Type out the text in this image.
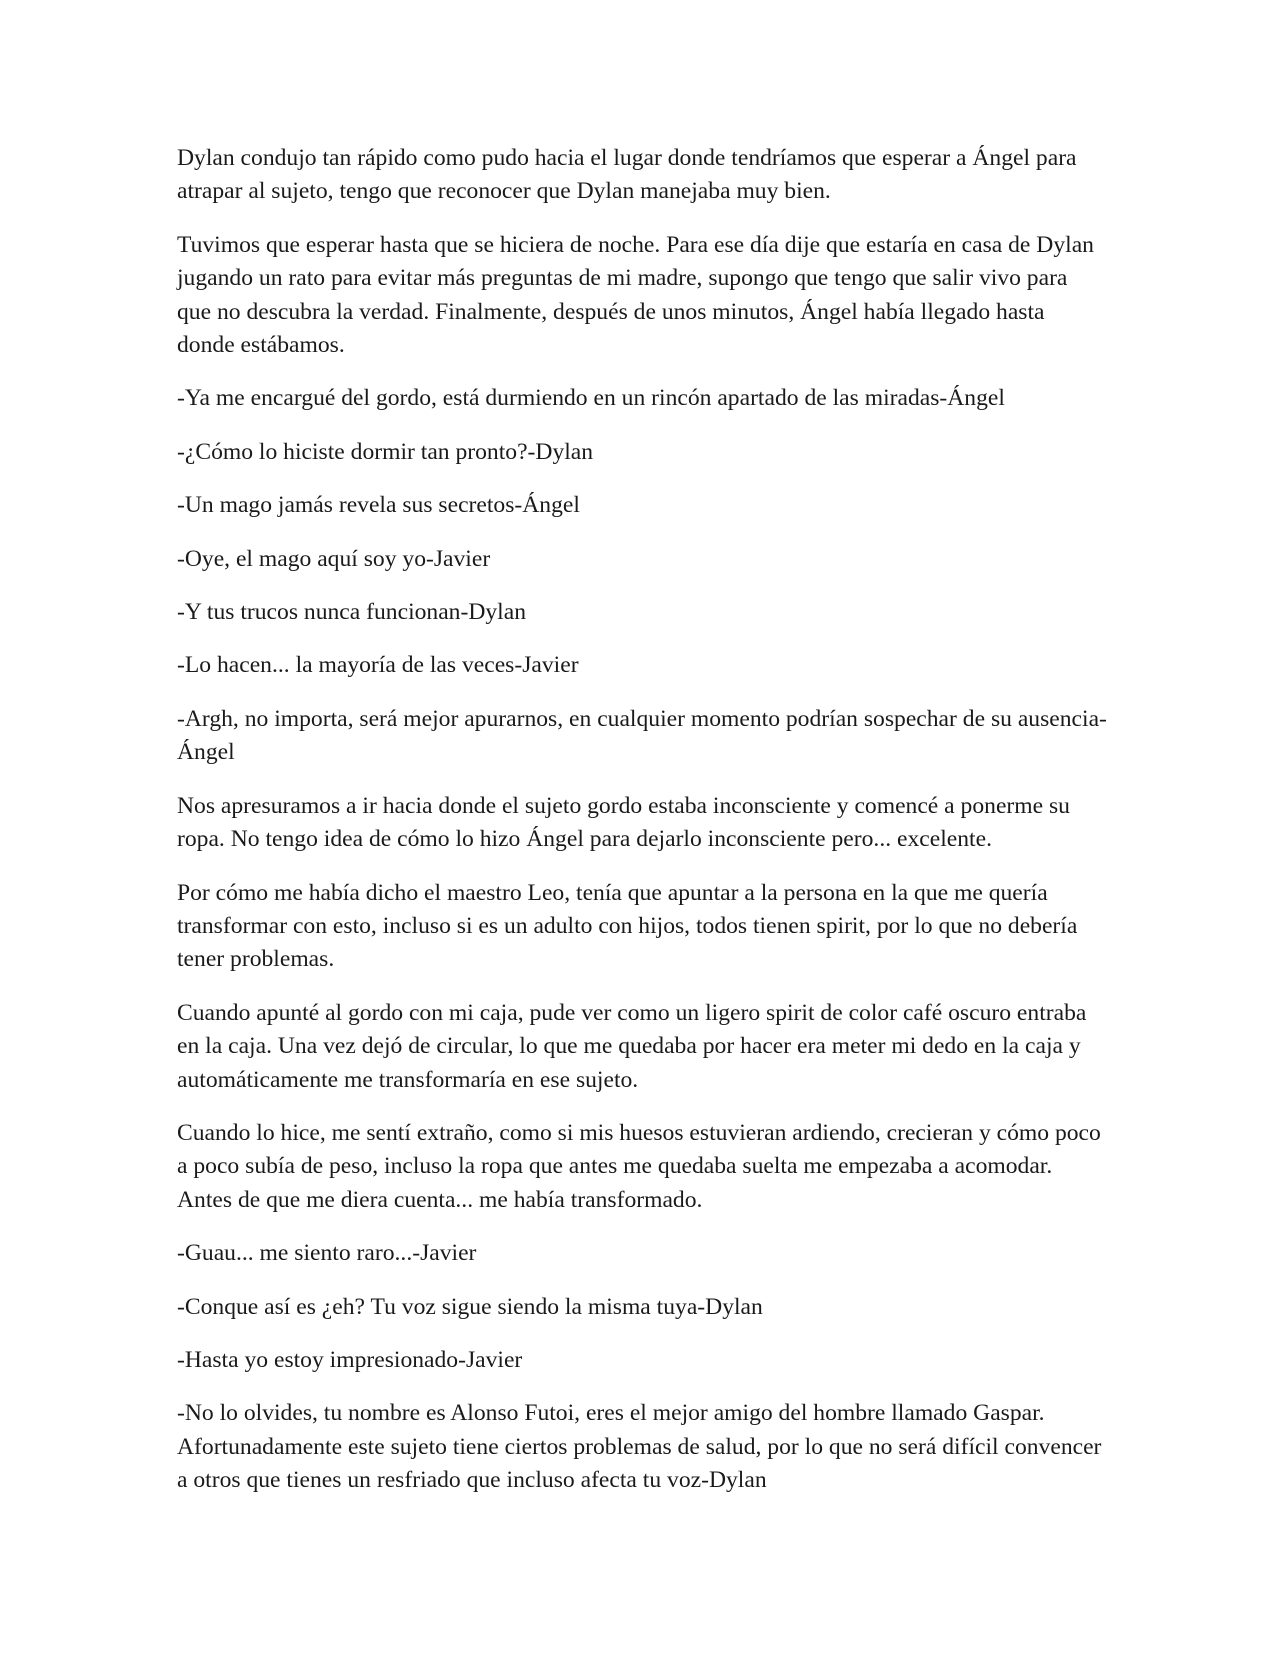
Dylan condujo tan rápido como pudo hacia el lugar donde tendríamos que esperar a Ángel para atrapar al sujeto, tengo que reconocer que Dylan manejaba muy bien.

Tuvimos que esperar hasta que se hiciera de noche. Para ese día dije que estaría en casa de Dylan jugando un rato para evitar más preguntas de mi madre, supongo que tengo que salir vivo para que no descubra la verdad. Finalmente, después de unos minutos, Ángel había llegado hasta donde estábamos.

-Ya me encargué del gordo, está durmiendo en un rincón apartado de las miradas-Ángel

-¿Cómo lo hiciste dormir tan pronto?-Dylan

-Un mago jamás revela sus secretos-Ángel

-Oye, el mago aquí soy yo-Javier

-Y tus trucos nunca funcionan-Dylan

-Lo hacen... la mayoría de las veces-Javier

-Argh, no importa, será mejor apurarnos, en cualquier momento podrían sospechar de su ausencia-Ángel

Nos apresuramos a ir hacia donde el sujeto gordo estaba inconsciente y comencé a ponerme su ropa. No tengo idea de cómo lo hizo Ángel para dejarlo inconsciente pero... excelente.

Por cómo me había dicho el maestro Leo, tenía que apuntar a la persona en la que me quería transformar con esto, incluso si es un adulto con hijos, todos tienen spirit, por lo que no debería tener problemas.

Cuando apunté al gordo con mi caja, pude ver como un ligero spirit de color café oscuro entraba en la caja. Una vez dejó de circular, lo que me quedaba por hacer era meter mi dedo en la caja y automáticamente me transformaría en ese sujeto.

Cuando lo hice, me sentí extraño, como si mis huesos estuvieran ardiendo, crecieran y cómo poco a poco subía de peso, incluso la ropa que antes me quedaba suelta me empezaba a acomodar. Antes de que me diera cuenta... me había transformado.

-Guau... me siento raro...-Javier

-Conque así es ¿eh? Tu voz sigue siendo la misma tuya-Dylan

-Hasta yo estoy impresionado-Javier

-No lo olvides, tu nombre es Alonso Futoi, eres el mejor amigo del hombre llamado Gaspar. Afortunadamente este sujeto tiene ciertos problemas de salud, por lo que no será difícil convencer a otros que tienes un resfriado que incluso afecta tu voz-Dylan
